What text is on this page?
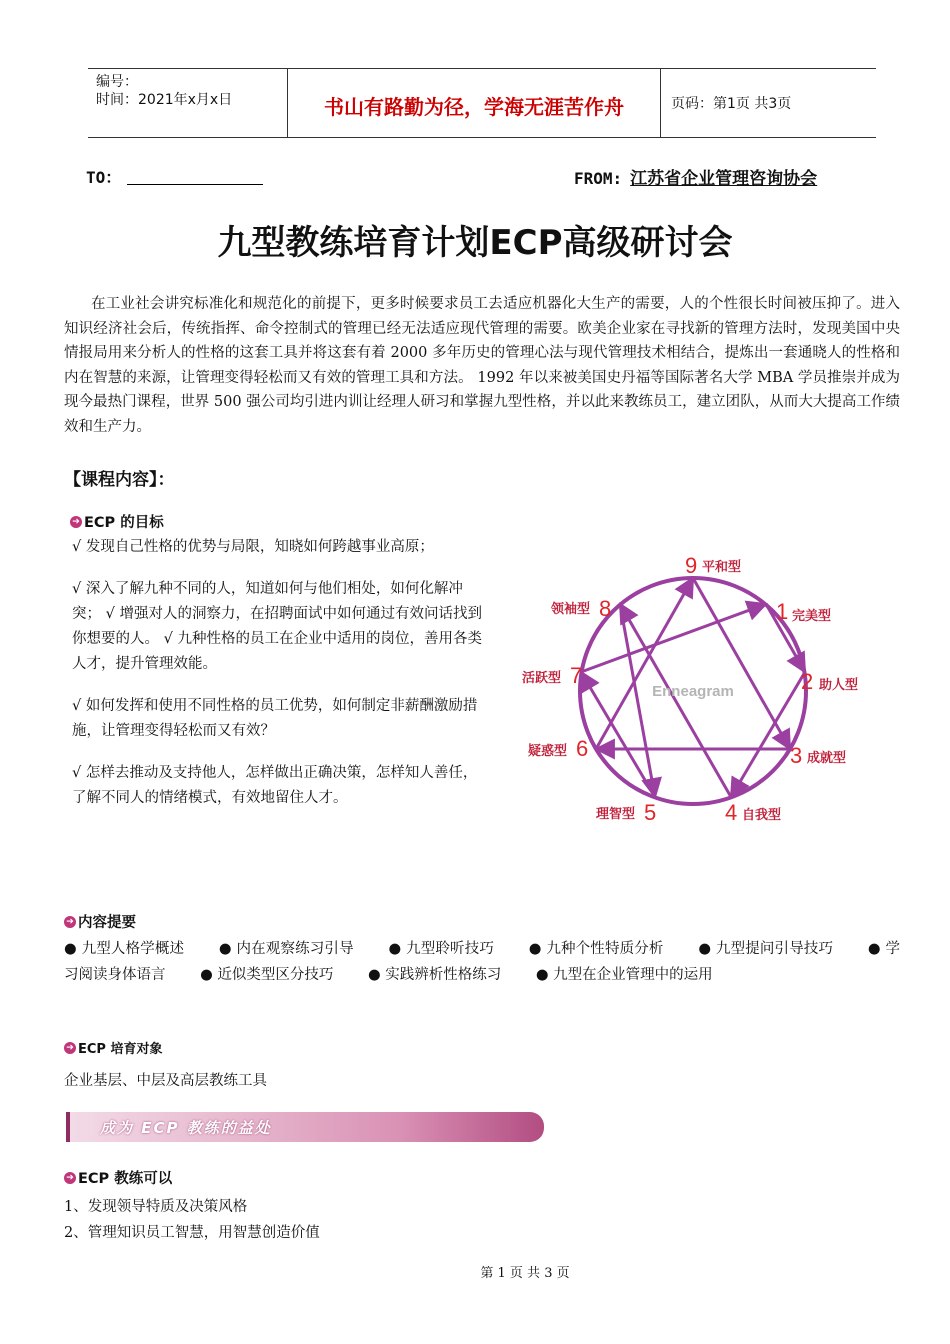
编号：
时间：2021年x月x日	书山有路勤为径，学海无涯苦作舟	页码：第1页 共3页
TO：	FROM: 江苏省企业管理咨询协会
九型教练培育计划ECP高级研讨会
在工业社会讲究标准化和规范化的前提下，更多时候要求员工去适应机器化大生产的需要，人的个性很长时间被压抑了。进入知识经济社会后，传统指挥、命令控制式的管理已经无法适应现代管理的需要。欧美企业家在寻找新的管理方法时，发现美国中央情报局用来分析人的性格的这套工具并将这套有着 2000 多年历史的管理心法与现代管理技术相结合，提炼出一套通晓人的性格和内在智慧的来源，让管理变得轻松而又有效的管理工具和方法。 1992 年以来被美国史丹福等国际著名大学 MBA 学员推崇并成为现今最热门课程，世界 500 强公司均引进内训让经理人研习和掌握九型性格，并以此来教练员工，建立团队，从而大大提高工作绩效和生产力。
【课程内容】：
➔ ECP 的目标

√ 发现自己性格的优势与局限，知晓如何跨越事业高原；

√ 深入了解九种不同的人，知道如何与他们相处，如何化解冲突； √ 增强对人的洞察力，在招聘面试中如何通过有效问话找到你想要的人。 √ 九种性格的员工在企业中适用的岗位，善用各类人才，提升管理效能。

√ 如何发挥和使用不同性格的员工优势，如何制定非薪酬激励措施，让管理变得轻松而又有效？

√ 怎样去推动及支持他人，怎样做出正确决策，怎样知人善任，了解不同人的情绪模式，有效地留住人才。

Enneagram
9 平和型
1 完美型
2 助人型
3 成就型
4 自我型
5
理智型
6
疑惑型
7
活跃型
8
领袖型
➔ 内容提要
● 九型人格学概述 ● 内在观察练习引导 ● 九型聆听技巧 ● 九种个性特质分析 ● 九型提问引导技巧 ● 学习阅读身体语言 ● 近似类型区分技巧 ● 实践辨析性格练习 ● 九型在企业管理中的运用
➔ ECP 培育对象
企业基层、中层及高层教练工具
成为 ECP 教练的益处
➔ ECP 教练可以
1、发现领导特质及决策风格
2、管理知识员工智慧，用智慧创造价值
第 1 页 共 3 页
